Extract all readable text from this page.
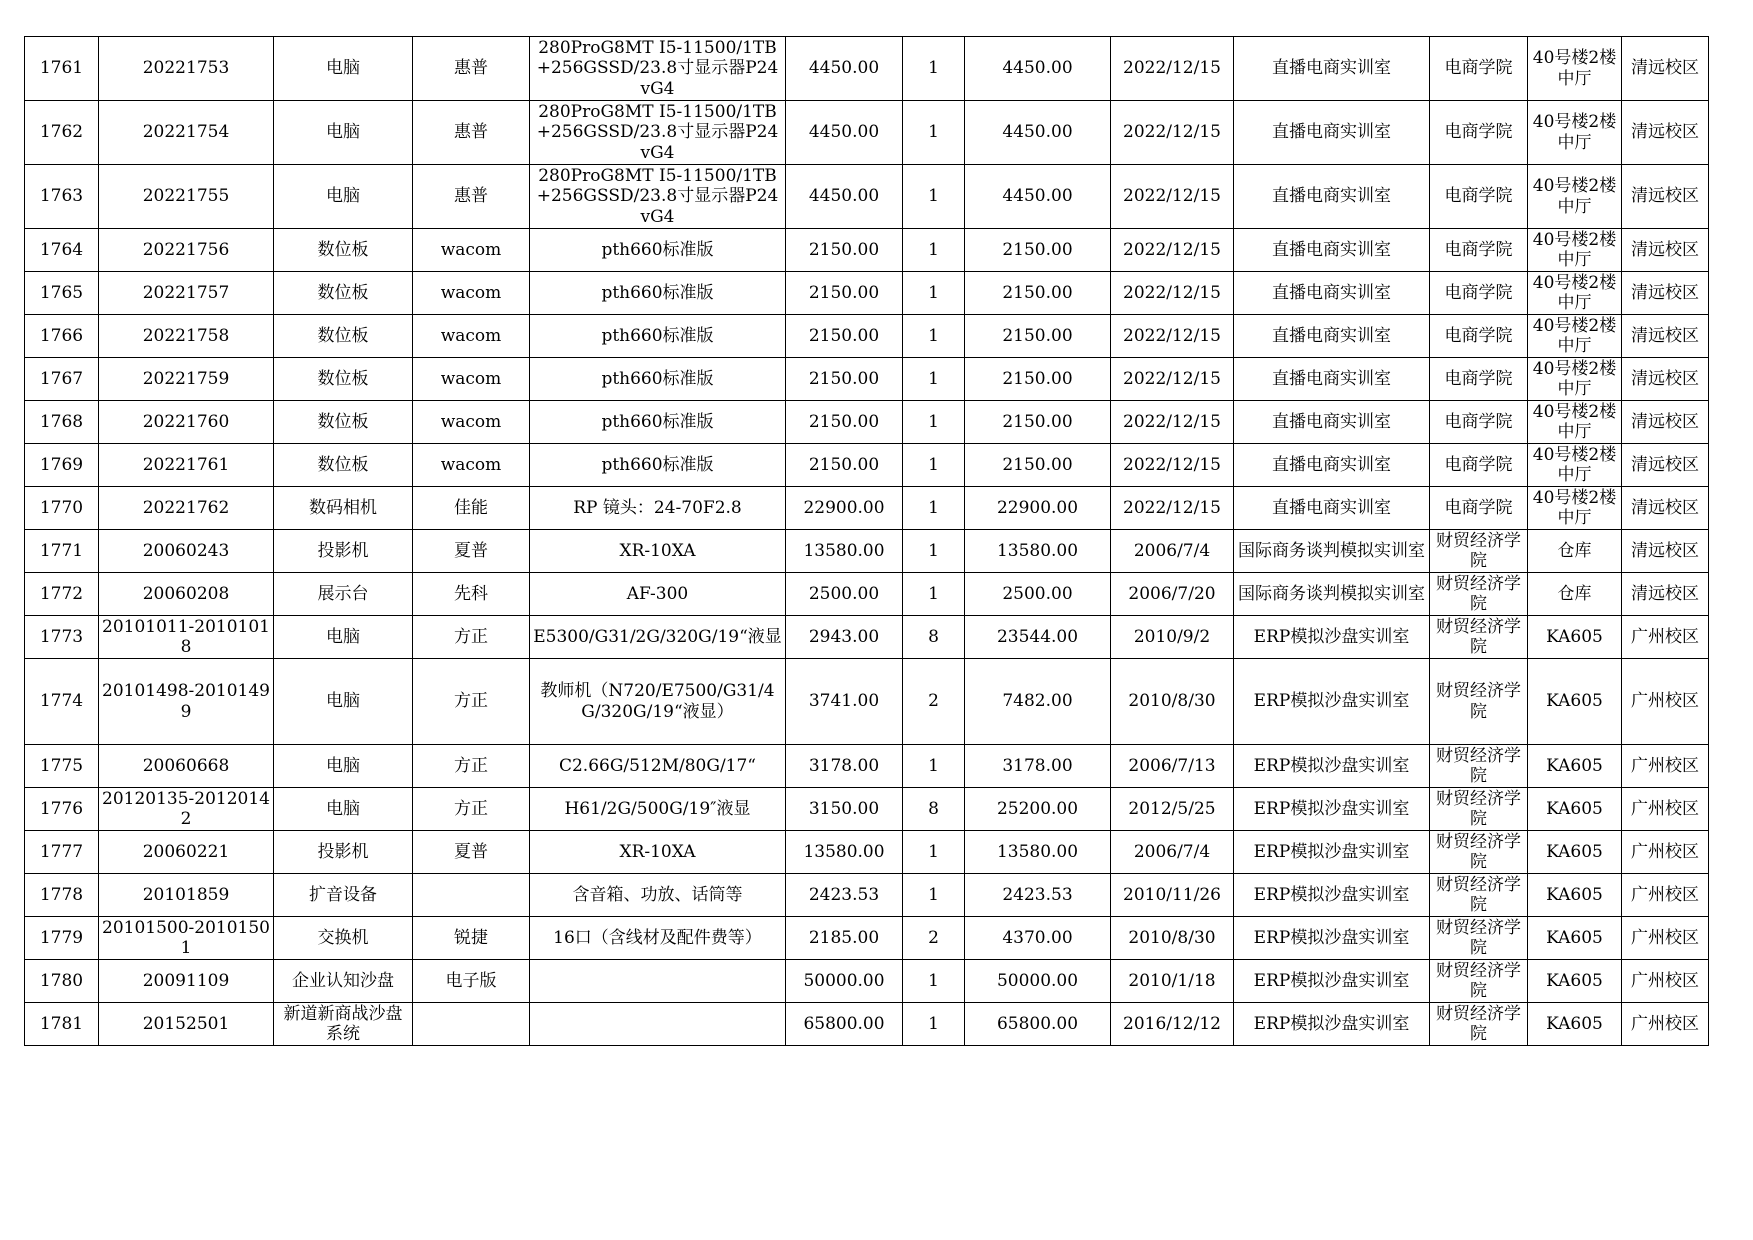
1761	20221753	电脑	惠普	280ProG8MT I5-11500/1TB+256GSSD/23.8寸显示器P24vG4	4450.00	1	4450.00	2022/12/15	直播电商实训室	电商学院	40号楼2楼中厅	清远校区
1762	20221754	电脑	惠普	280ProG8MT I5-11500/1TB+256GSSD/23.8寸显示器P24vG4	4450.00	1	4450.00	2022/12/15	直播电商实训室	电商学院	40号楼2楼中厅	清远校区
1763	20221755	电脑	惠普	280ProG8MT I5-11500/1TB+256GSSD/23.8寸显示器P24vG4	4450.00	1	4450.00	2022/12/15	直播电商实训室	电商学院	40号楼2楼中厅	清远校区
1764	20221756	数位板	wacom	pth660标准版	2150.00	1	2150.00	2022/12/15	直播电商实训室	电商学院	40号楼2楼中厅	清远校区
1765	20221757	数位板	wacom	pth660标准版	2150.00	1	2150.00	2022/12/15	直播电商实训室	电商学院	40号楼2楼中厅	清远校区
1766	20221758	数位板	wacom	pth660标准版	2150.00	1	2150.00	2022/12/15	直播电商实训室	电商学院	40号楼2楼中厅	清远校区
1767	20221759	数位板	wacom	pth660标准版	2150.00	1	2150.00	2022/12/15	直播电商实训室	电商学院	40号楼2楼中厅	清远校区
1768	20221760	数位板	wacom	pth660标准版	2150.00	1	2150.00	2022/12/15	直播电商实训室	电商学院	40号楼2楼中厅	清远校区
1769	20221761	数位板	wacom	pth660标准版	2150.00	1	2150.00	2022/12/15	直播电商实训室	电商学院	40号楼2楼中厅	清远校区
1770	20221762	数码相机	佳能	RP 镜头：24-70F2.8	22900.00	1	22900.00	2022/12/15	直播电商实训室	电商学院	40号楼2楼中厅	清远校区
1771	20060243	投影机	夏普	XR-10XA	13580.00	1	13580.00	2006/7/4	国际商务谈判模拟实训室	财贸经济学院	仓库	清远校区
1772	20060208	展示台	先科	AF-300	2500.00	1	2500.00	2006/7/20	国际商务谈判模拟实训室	财贸经济学院	仓库	清远校区
1773	20101011-20101018	电脑	方正	E5300/G31/2G/320G/19“液显	2943.00	8	23544.00	2010/9/2	ERP模拟沙盘实训室	财贸经济学院	KA605	广州校区
1774	20101498-20101499	电脑	方正	教师机（N720/E7500/G31/4G/320G/19“液显）	3741.00	2	7482.00	2010/8/30	ERP模拟沙盘实训室	财贸经济学院	KA605	广州校区
1775	20060668	电脑	方正	C2.66G/512M/80G/17“	3178.00	1	3178.00	2006/7/13	ERP模拟沙盘实训室	财贸经济学院	KA605	广州校区
1776	20120135-20120142	电脑	方正	H61/2G/500G/19″液显	3150.00	8	25200.00	2012/5/25	ERP模拟沙盘实训室	财贸经济学院	KA605	广州校区
1777	20060221	投影机	夏普	XR-10XA	13580.00	1	13580.00	2006/7/4	ERP模拟沙盘实训室	财贸经济学院	KA605	广州校区
1778	20101859	扩音设备		含音箱、功放、话筒等	2423.53	1	2423.53	2010/11/26	ERP模拟沙盘实训室	财贸经济学院	KA605	广州校区
1779	20101500-20101501	交换机	锐捷	16口（含线材及配件费等）	2185.00	2	4370.00	2010/8/30	ERP模拟沙盘实训室	财贸经济学院	KA605	广州校区
1780	20091109	企业认知沙盘	电子版		50000.00	1	50000.00	2010/1/18	ERP模拟沙盘实训室	财贸经济学院	KA605	广州校区
1781	20152501	新道新商战沙盘系统			65800.00	1	65800.00	2016/12/12	ERP模拟沙盘实训室	财贸经济学院	KA605	广州校区
